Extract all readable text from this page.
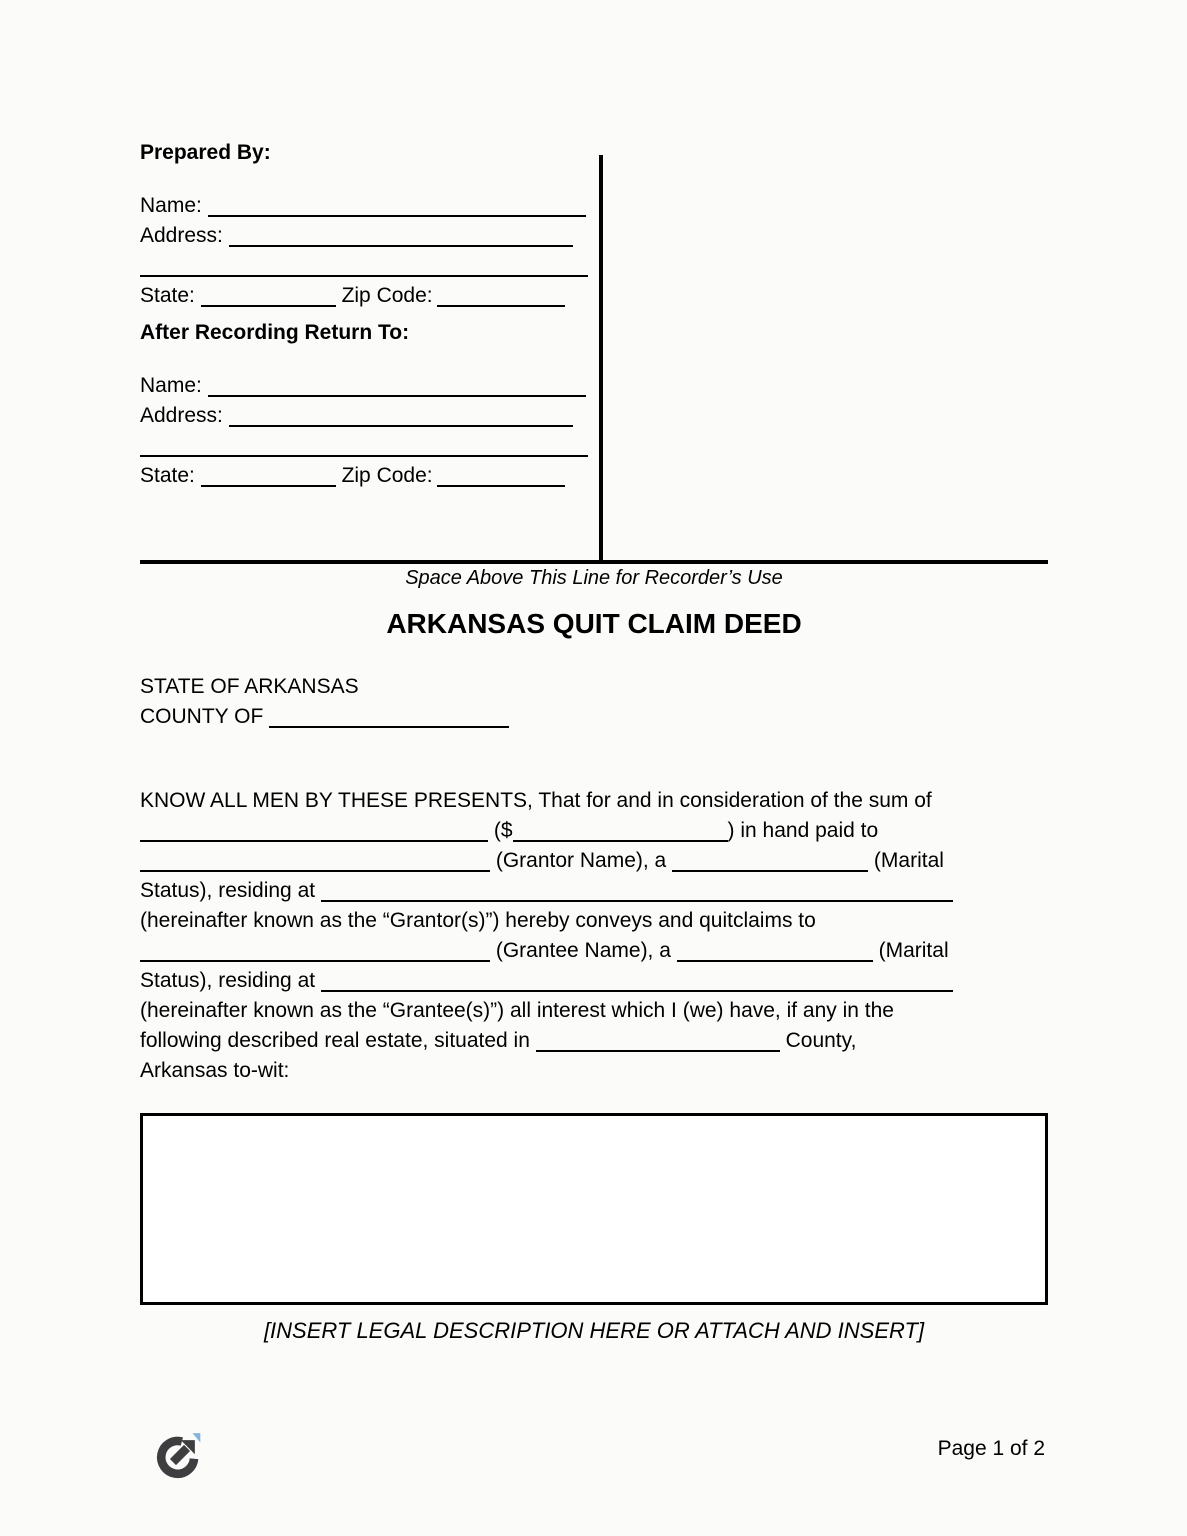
Prepared By:
Name:
Address:
State:	Zip Code:
After Recording Return To:
Name:
Address:
State:	Zip Code:
Space Above This Line for Recorder’s Use
ARKANSAS QUIT CLAIM DEED
STATE OF ARKANSAS
COUNTY OF
KNOW ALL MEN BY THESE PRESENTS, That for and in consideration of the sum of
($	) in hand paid to
(Grantor Name), a	(Marital
Status), residing at
(hereinafter known as the “Grantor(s)”) hereby conveys and quitclaims to
(Grantee Name), a	(Marital
Status), residing at
(hereinafter known as the “Grantee(s)”) all interest which I (we) have, if any in the
following described real estate, situated in	County,
Arkansas to-wit:
[INSERT LEGAL DESCRIPTION HERE OR ATTACH AND INSERT]
Page 1 of 2
